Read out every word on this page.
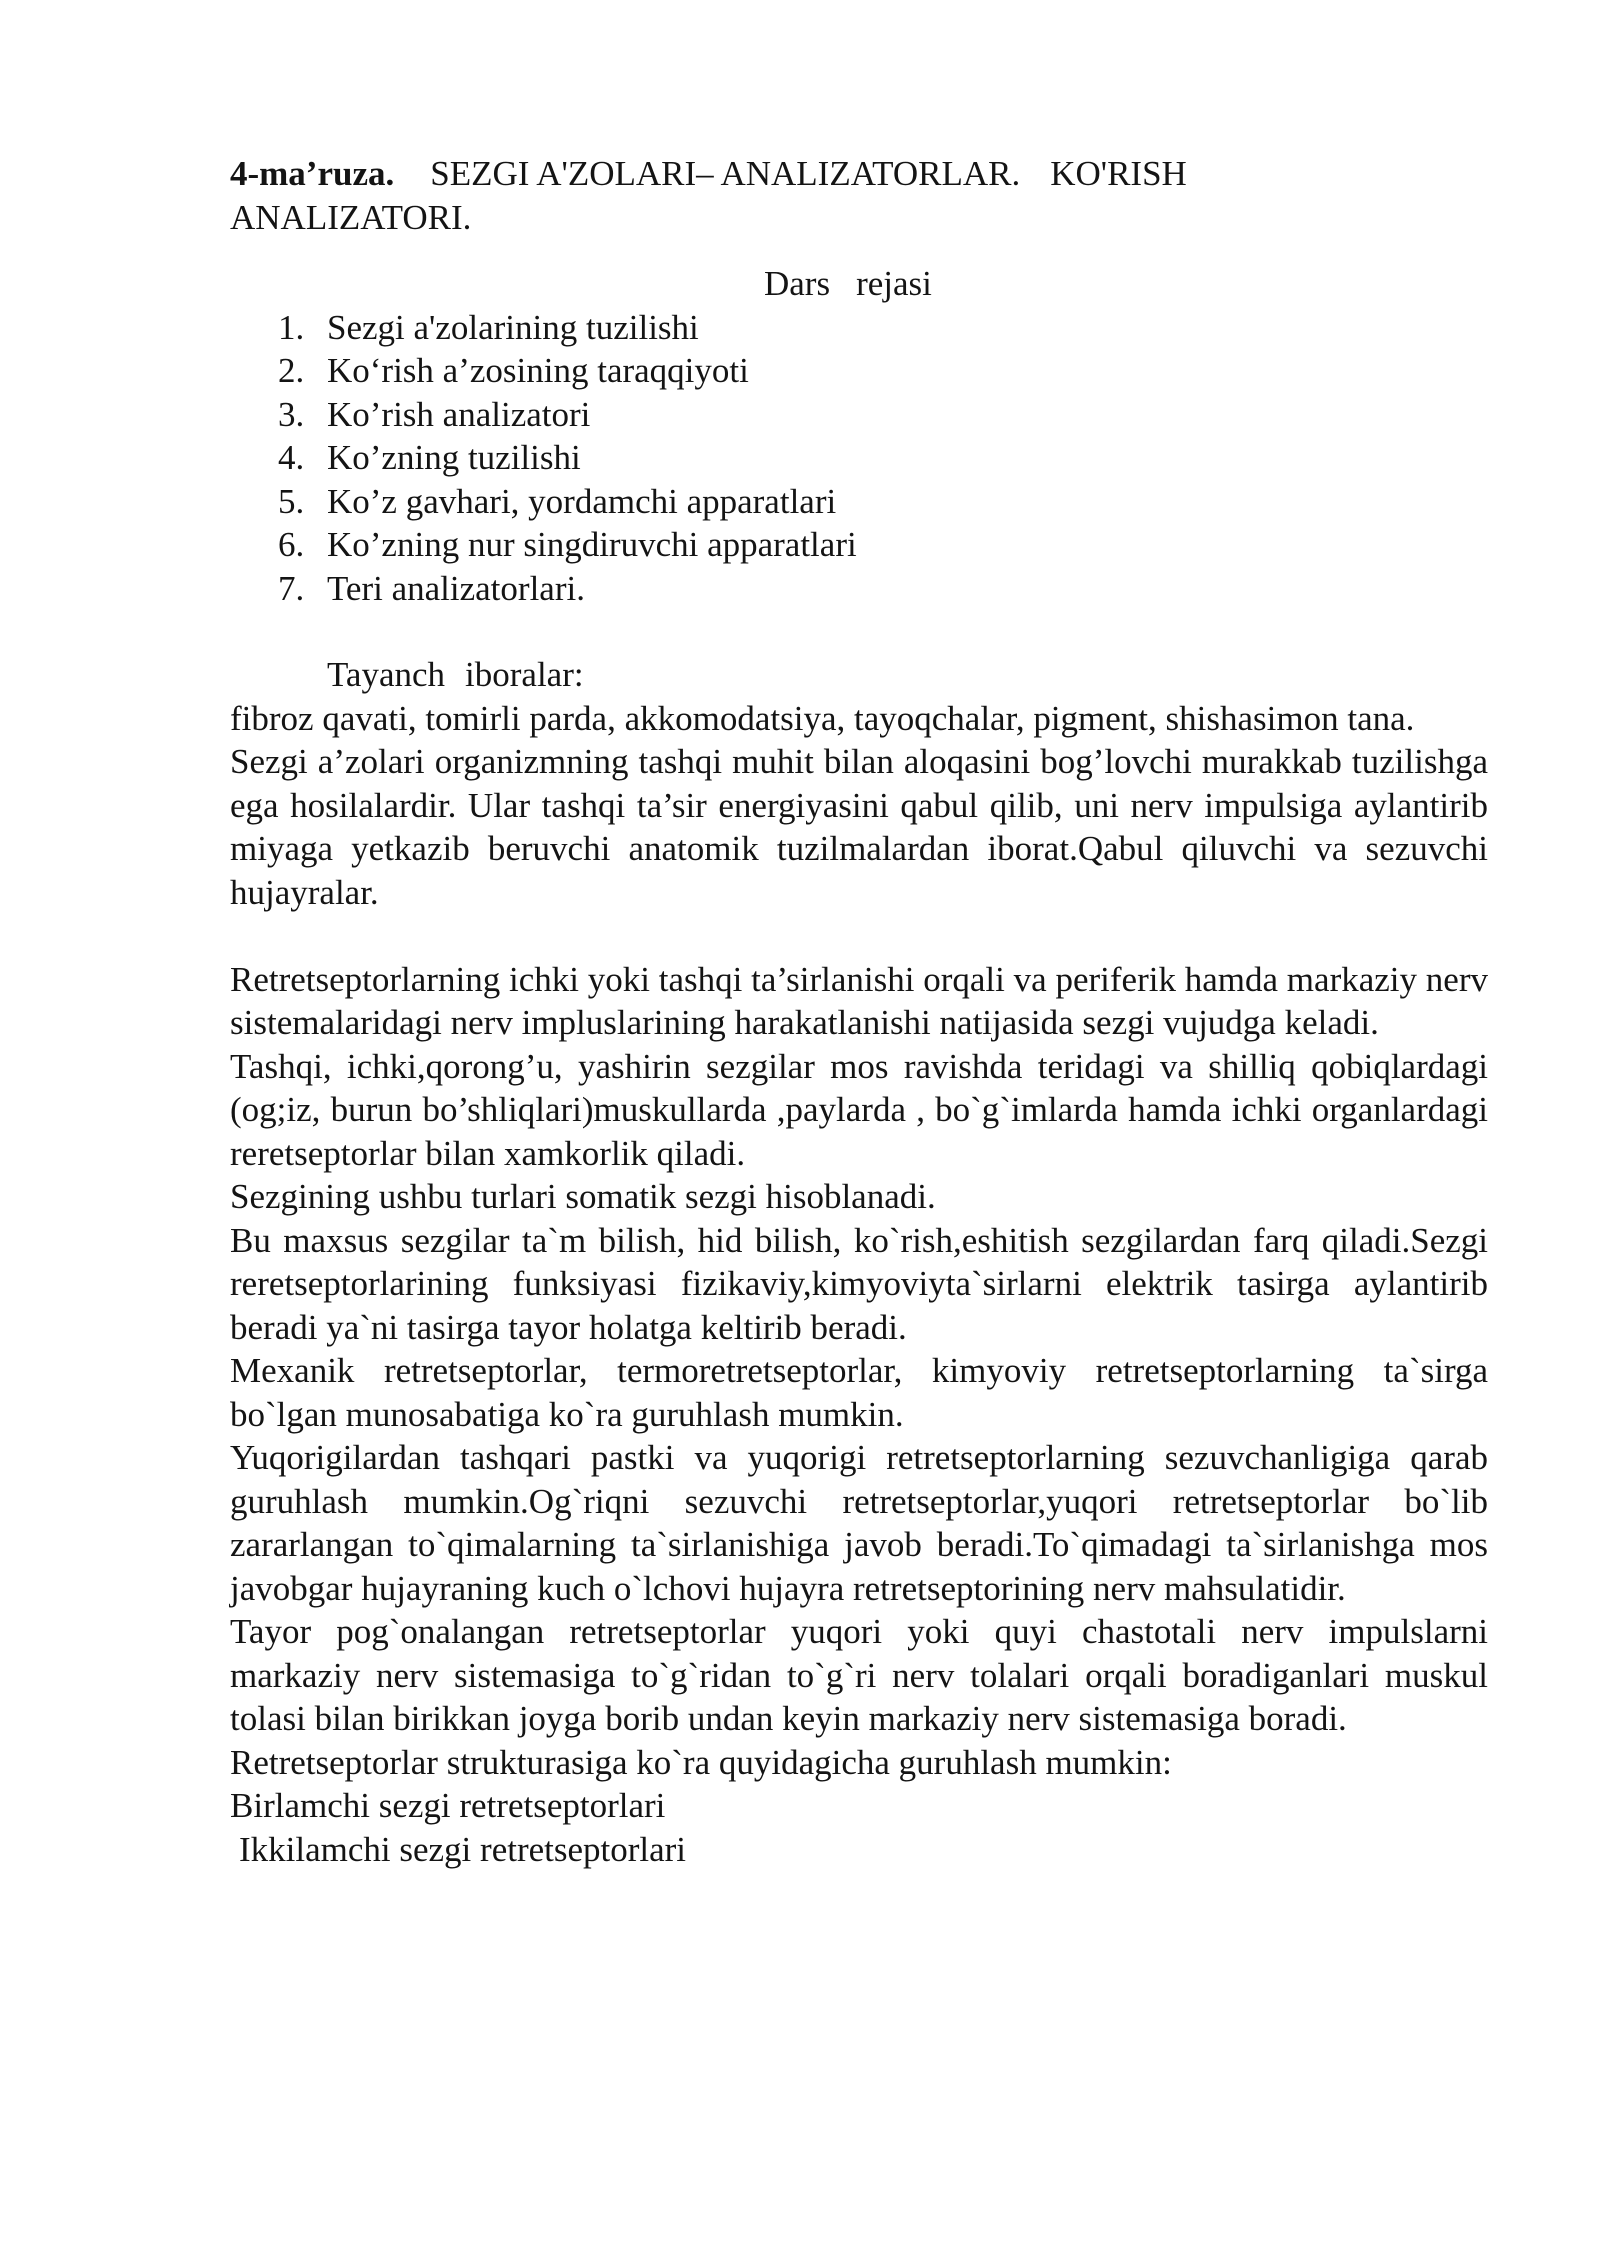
4-ma’ruza. SEZGI A'ZOLARI– ANALIZATORLAR. KO'RISH

ANALIZATORI.

Dars rejasi

1. Sezgi a'zolarining tuzilishi
2. Ko‘rish a’zosining taraqqiyoti
3. Ko’rish analizatori
4. Ko’zning tuzilishi
5. Ko’z gavhari, yordamchi apparatlari
6. Ko’zning nur singdiruvchi apparatlari
7. Teri analizatorlari.

Tayanch iboralar:

fibroz qavati, tomirli parda, akkomodatsiya, tayoqchalar, pigment, shishasimon tana.

Sezgi a’zolari organizmning tashqi muhit bilan aloqasini bog’lovchi murakkab tuzilishga ega hosilalardir. Ular tashqi ta’sir energiyasini qabul qilib, uni nerv impulsiga aylantirib miyaga yetkazib beruvchi anatomik tuzilmalardan iborat.Qabul qiluvchi va sezuvchi hujayralar.

Retretseptorlarning ichki yoki tashqi ta’sirlanishi orqali va periferik hamda markaziy nerv sistemalaridagi nerv impluslarining harakatlanishi natijasida sezgi vujudga keladi.

Tashqi, ichki,qorong’u, yashirin sezgilar mos ravishda teridagi va shilliq qobiqlardagi (og;iz, burun bo’shliqlari)muskullarda ,paylarda , bo`g`imlarda hamda ichki organlardagi reretseptorlar bilan xamkorlik qiladi.

Sezgining ushbu turlari somatik sezgi hisoblanadi.

Bu maxsus sezgilar ta`m bilish, hid bilish, ko`rish,eshitish sezgilardan farq qiladi.Sezgi reretseptorlarining funksiyasi fizikaviy,kimyoviyta`sirlarni elektrik tasirga aylantirib beradi ya`ni tasirga tayor holatga keltirib beradi.

Mexanik retretseptorlar, termoretretseptorlar, kimyoviy retretseptorlarning ta`sirga bo`lgan munosabatiga ko`ra guruhlash mumkin.

Yuqorigilardan tashqari pastki va yuqorigi retretseptorlarning sezuvchanligiga qarab guruhlash mumkin.Og`riqni sezuvchi retretseptorlar,yuqori retretseptorlar bo`lib zararlangan to`qimalarning ta`sirlanishiga javob beradi.To`qimadagi ta`sirlanishga mos javobgar hujayraning kuch o`lchovi hujayra retretseptorining nerv mahsulatidir.

Tayor pog`onalangan retretseptorlar yuqori yoki quyi chastotali nerv impulslarni markaziy nerv sistemasiga to`g`ridan to`g`ri nerv tolalari orqali boradiganlari muskul tolasi bilan birikkan joyga borib undan keyin markaziy nerv sistemasiga boradi.

Retretseptorlar strukturasiga ko`ra quyidagicha guruhlash mumkin:

Birlamchi sezgi retretseptorlari

Ikkilamchi sezgi retretseptorlari
